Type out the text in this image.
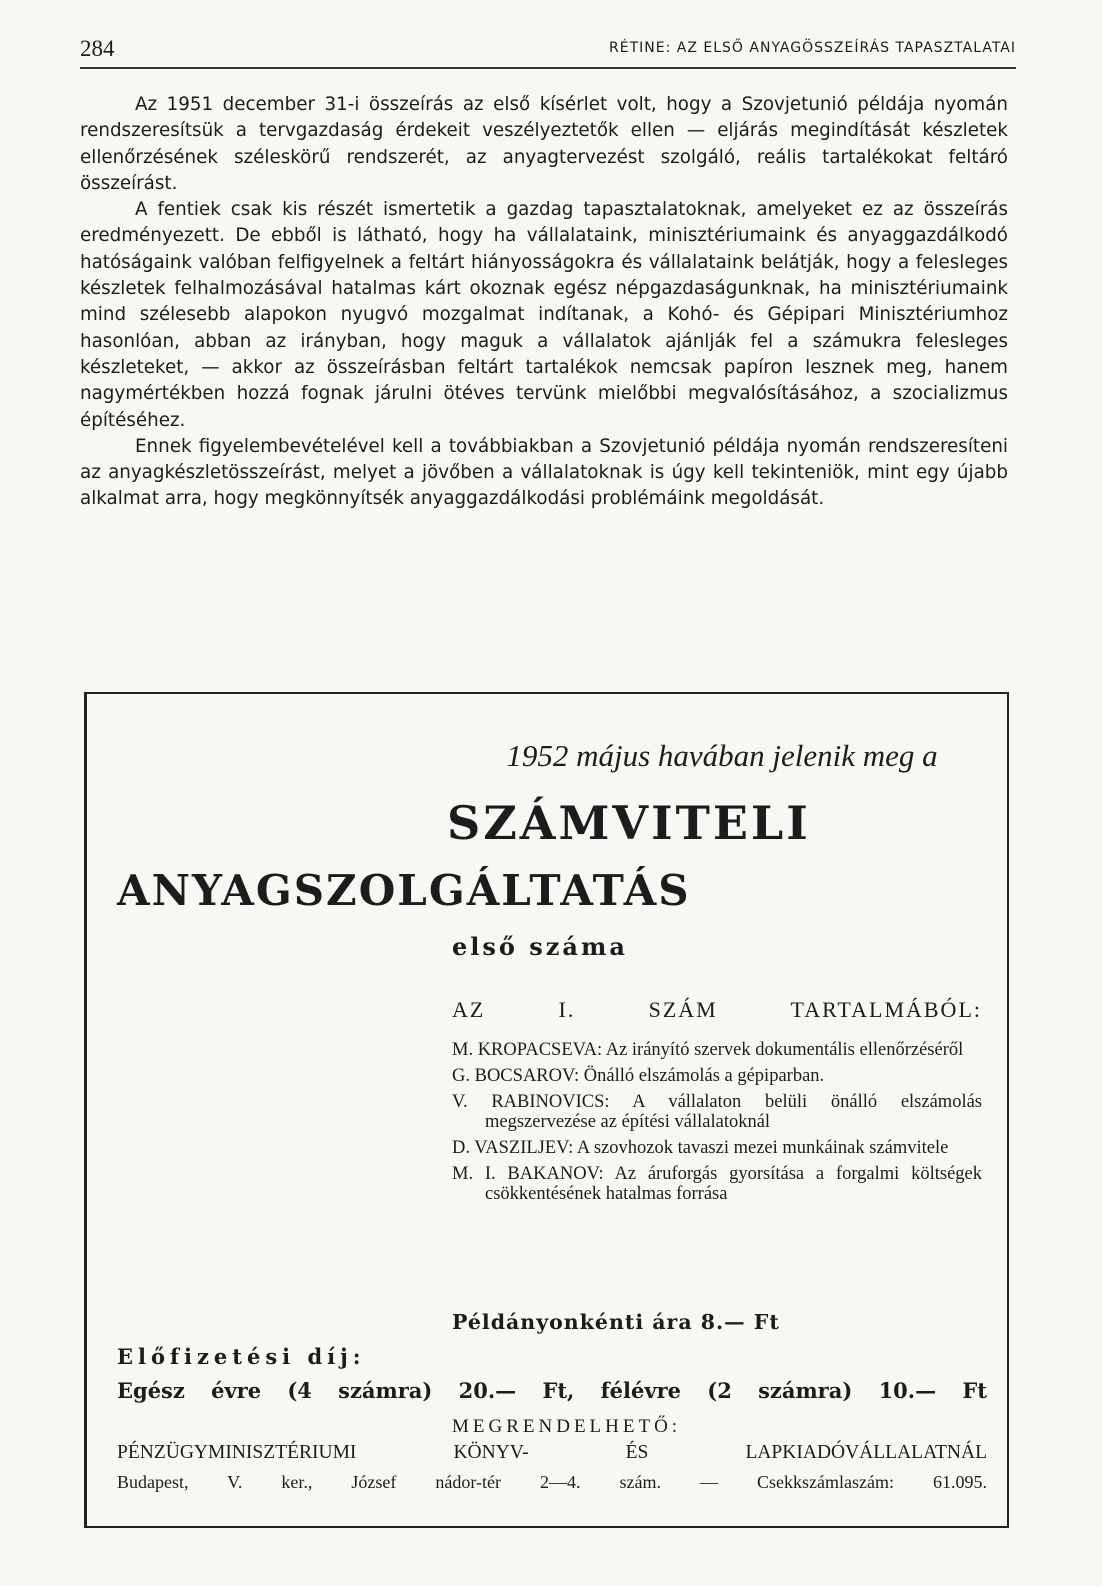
284	RÉTINE: AZ ELSŐ ANYAGÖSSZEÍRÁS TAPASZTALATAI

Az 1951 december 31-i összeírás az első kísérlet volt, hogy a Szovjetunió példája nyomán rendszeresítsük a tervgazdaság érdekeit veszélyeztetők ellen — eljárás megindítását készletek ellenőrzésének széleskörű rendszerét, az anyagtervezést szolgáló, reális tartalékokat feltáró összeírást.

A fentiek csak kis részét ismertetik a gazdag tapasztalatoknak, amelyeket ez az összeírás eredményezett. De ebből is látható, hogy ha vállalataink, minisztériumaink és anyaggazdálkodó hatóságaink valóban felfigyelnek a feltárt hiányosságokra és vállalataink belátják, hogy a felesleges készletek felhalmozásával hatalmas kárt okoznak egész népgazdaságunknak, ha minisztériumaink mind szélesebb alapokon nyugvó mozgalmat indítanak, a Kohó- és Gépipari Minisztériumhoz hasonlóan, abban az irányban, hogy maguk a vállalatok ajánlják fel a számukra felesleges készleteket, — akkor az összeírásban feltárt tartalékok nemcsak papíron lesznek meg, hanem nagymértékben hozzá fognak járulni ötéves tervünk mielőbbi megvalósításához, a szocializmus építéséhez.

Ennek figyelembevételével kell a továbbiakban a Szovjetunió példája nyomán rendszeresíteni az anyagkészletösszeírást, melyet a jövőben a vállalatoknak is úgy kell tekinteniök, mint egy újabb alkalmat arra, hogy megkönnyítsék anyaggazdálkodási problémáink megoldását.

1952 május havában jelenik meg a
SZÁMVITELI
ANYAGSZOLGÁLTATÁS
első száma
AZ I. SZÁM TARTALMÁBÓL:
M. KROPACSEVA: Az irányító szervek dokumentális ellenőrzéséről
G. BOCSAROV: Önálló elszámolás a gépiparban.
V. RABINOVICS: A vállalaton belüli önálló elszámolás megszervezése az építési vállalatoknál
D. VASZILJEV: A szovhozok tavaszi mezei munkáinak számvitele
M. I. BAKANOV: Az áruforgás gyorsítása a forgalmi költségek csökkentésének hatalmas forrása
Példányonkénti ára 8.— Ft
Előfizetési díj:
Egész évre (4 számra) 20.— Ft, félévre (2 számra) 10.— Ft
MEGRENDELHETŐ:
PÉNZÜGYMINISZTÉRIUMI KÖNYV- ÉS LAPKIADÓVÁLLALATNÁL
Budapest, V. ker., József nádor-tér 2—4. szám. — Csekkszámlaszám: 61.095.
